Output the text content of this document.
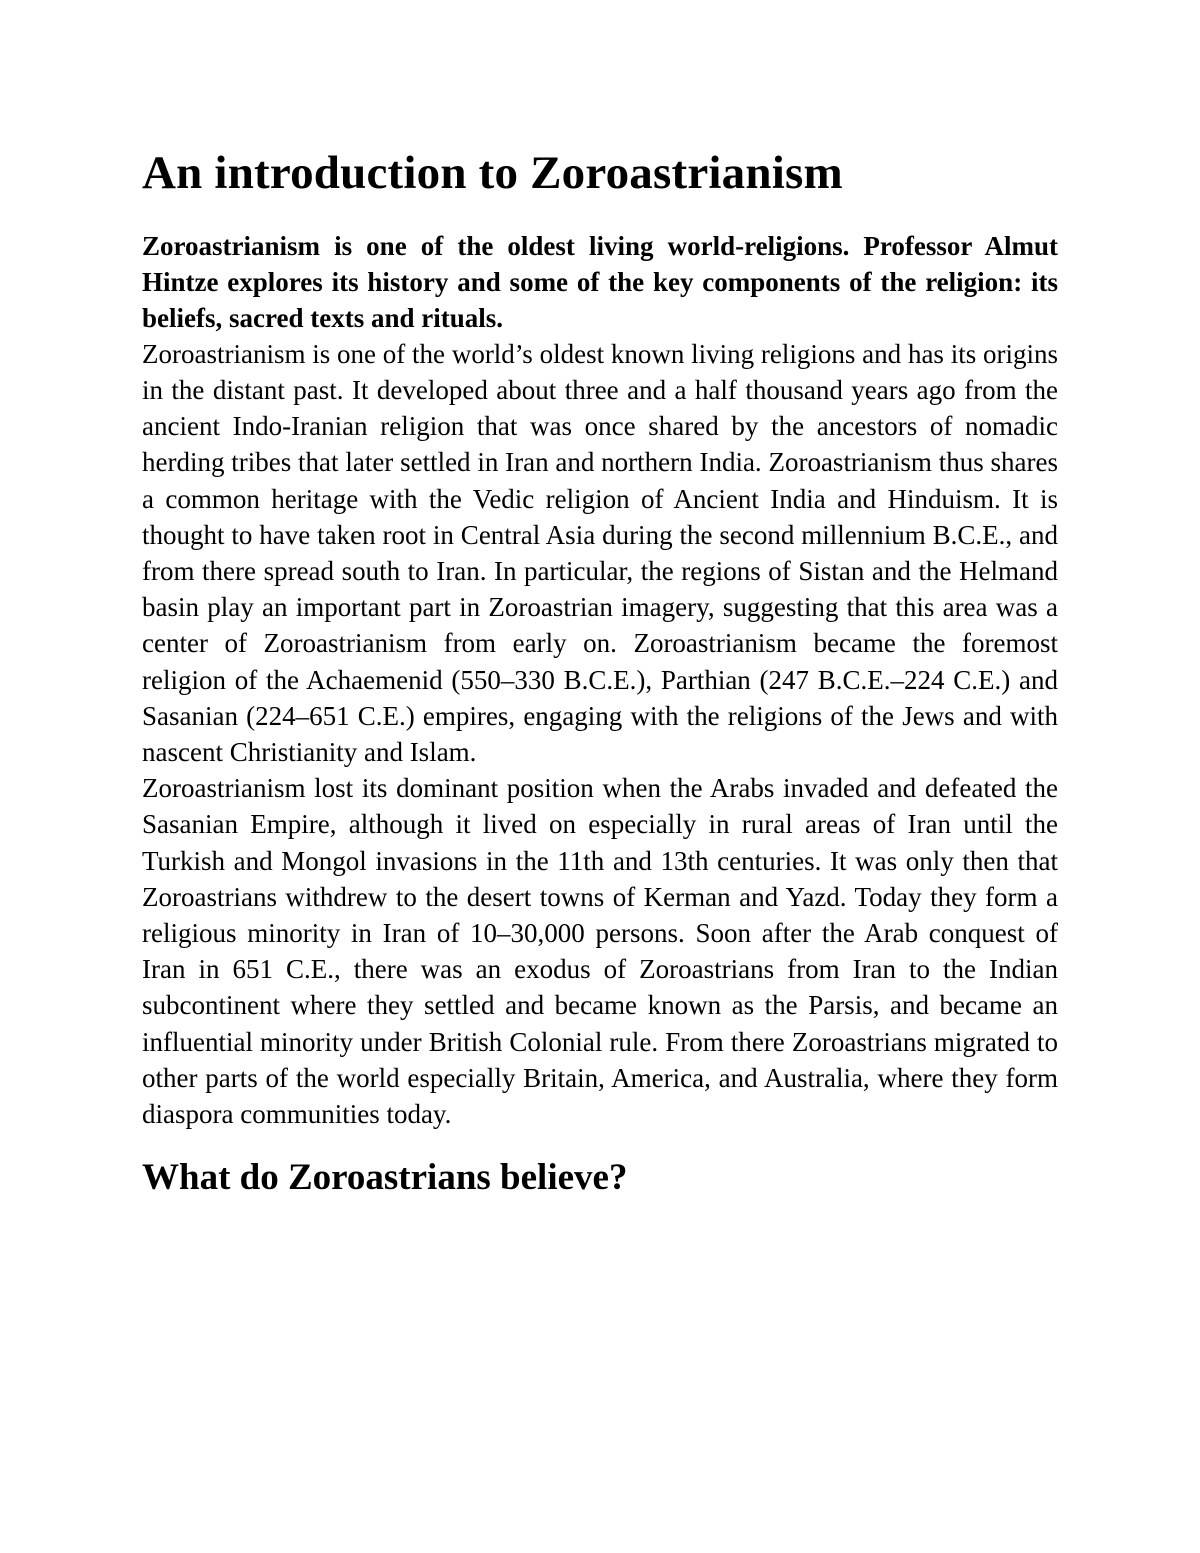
An introduction to Zoroastrianism

Zoroastrianism is one of the oldest living world-religions. Professor Almut Hintze explores its history and some of the key components of the religion: its beliefs, sacred texts and rituals.

Zoroastrianism is one of the world’s oldest known living religions and has its origins in the distant past. It developed about three and a half thousand years ago from the ancient Indo-Iranian religion that was once shared by the ancestors of nomadic herding tribes that later settled in Iran and northern India. Zoroastrianism thus shares a common heritage with the Vedic religion of Ancient India and Hinduism. It is thought to have taken root in Central Asia during the second millennium B.C.E., and from there spread south to Iran. In particular, the regions of Sistan and the Helmand basin play an important part in Zoroastrian imagery, suggesting that this area was a center of Zoroastrianism from early on. Zoroastrianism became the foremost religion of the Achaemenid (550–330 B.C.E.), Parthian (247 B.C.E.–224 C.E.) and Sasanian (224–651 C.E.) empires, engaging with the religions of the Jews and with nascent Christianity and Islam.

Zoroastrianism lost its dominant position when the Arabs invaded and defeated the Sasanian Empire, although it lived on especially in rural areas of Iran until the Turkish and Mongol invasions in the 11th and 13th centuries. It was only then that Zoroastrians withdrew to the desert towns of Kerman and Yazd. Today they form a religious minority in Iran of 10–30,000 persons. Soon after the Arab conquest of Iran in 651 C.E., there was an exodus of Zoroastrians from Iran to the Indian subcontinent where they settled and became known as the Parsis, and became an influential minority under British Colonial rule. From there Zoroastrians migrated to other parts of the world especially Britain, America, and Australia, where they form diaspora communities today.

What do Zoroastrians believe?
